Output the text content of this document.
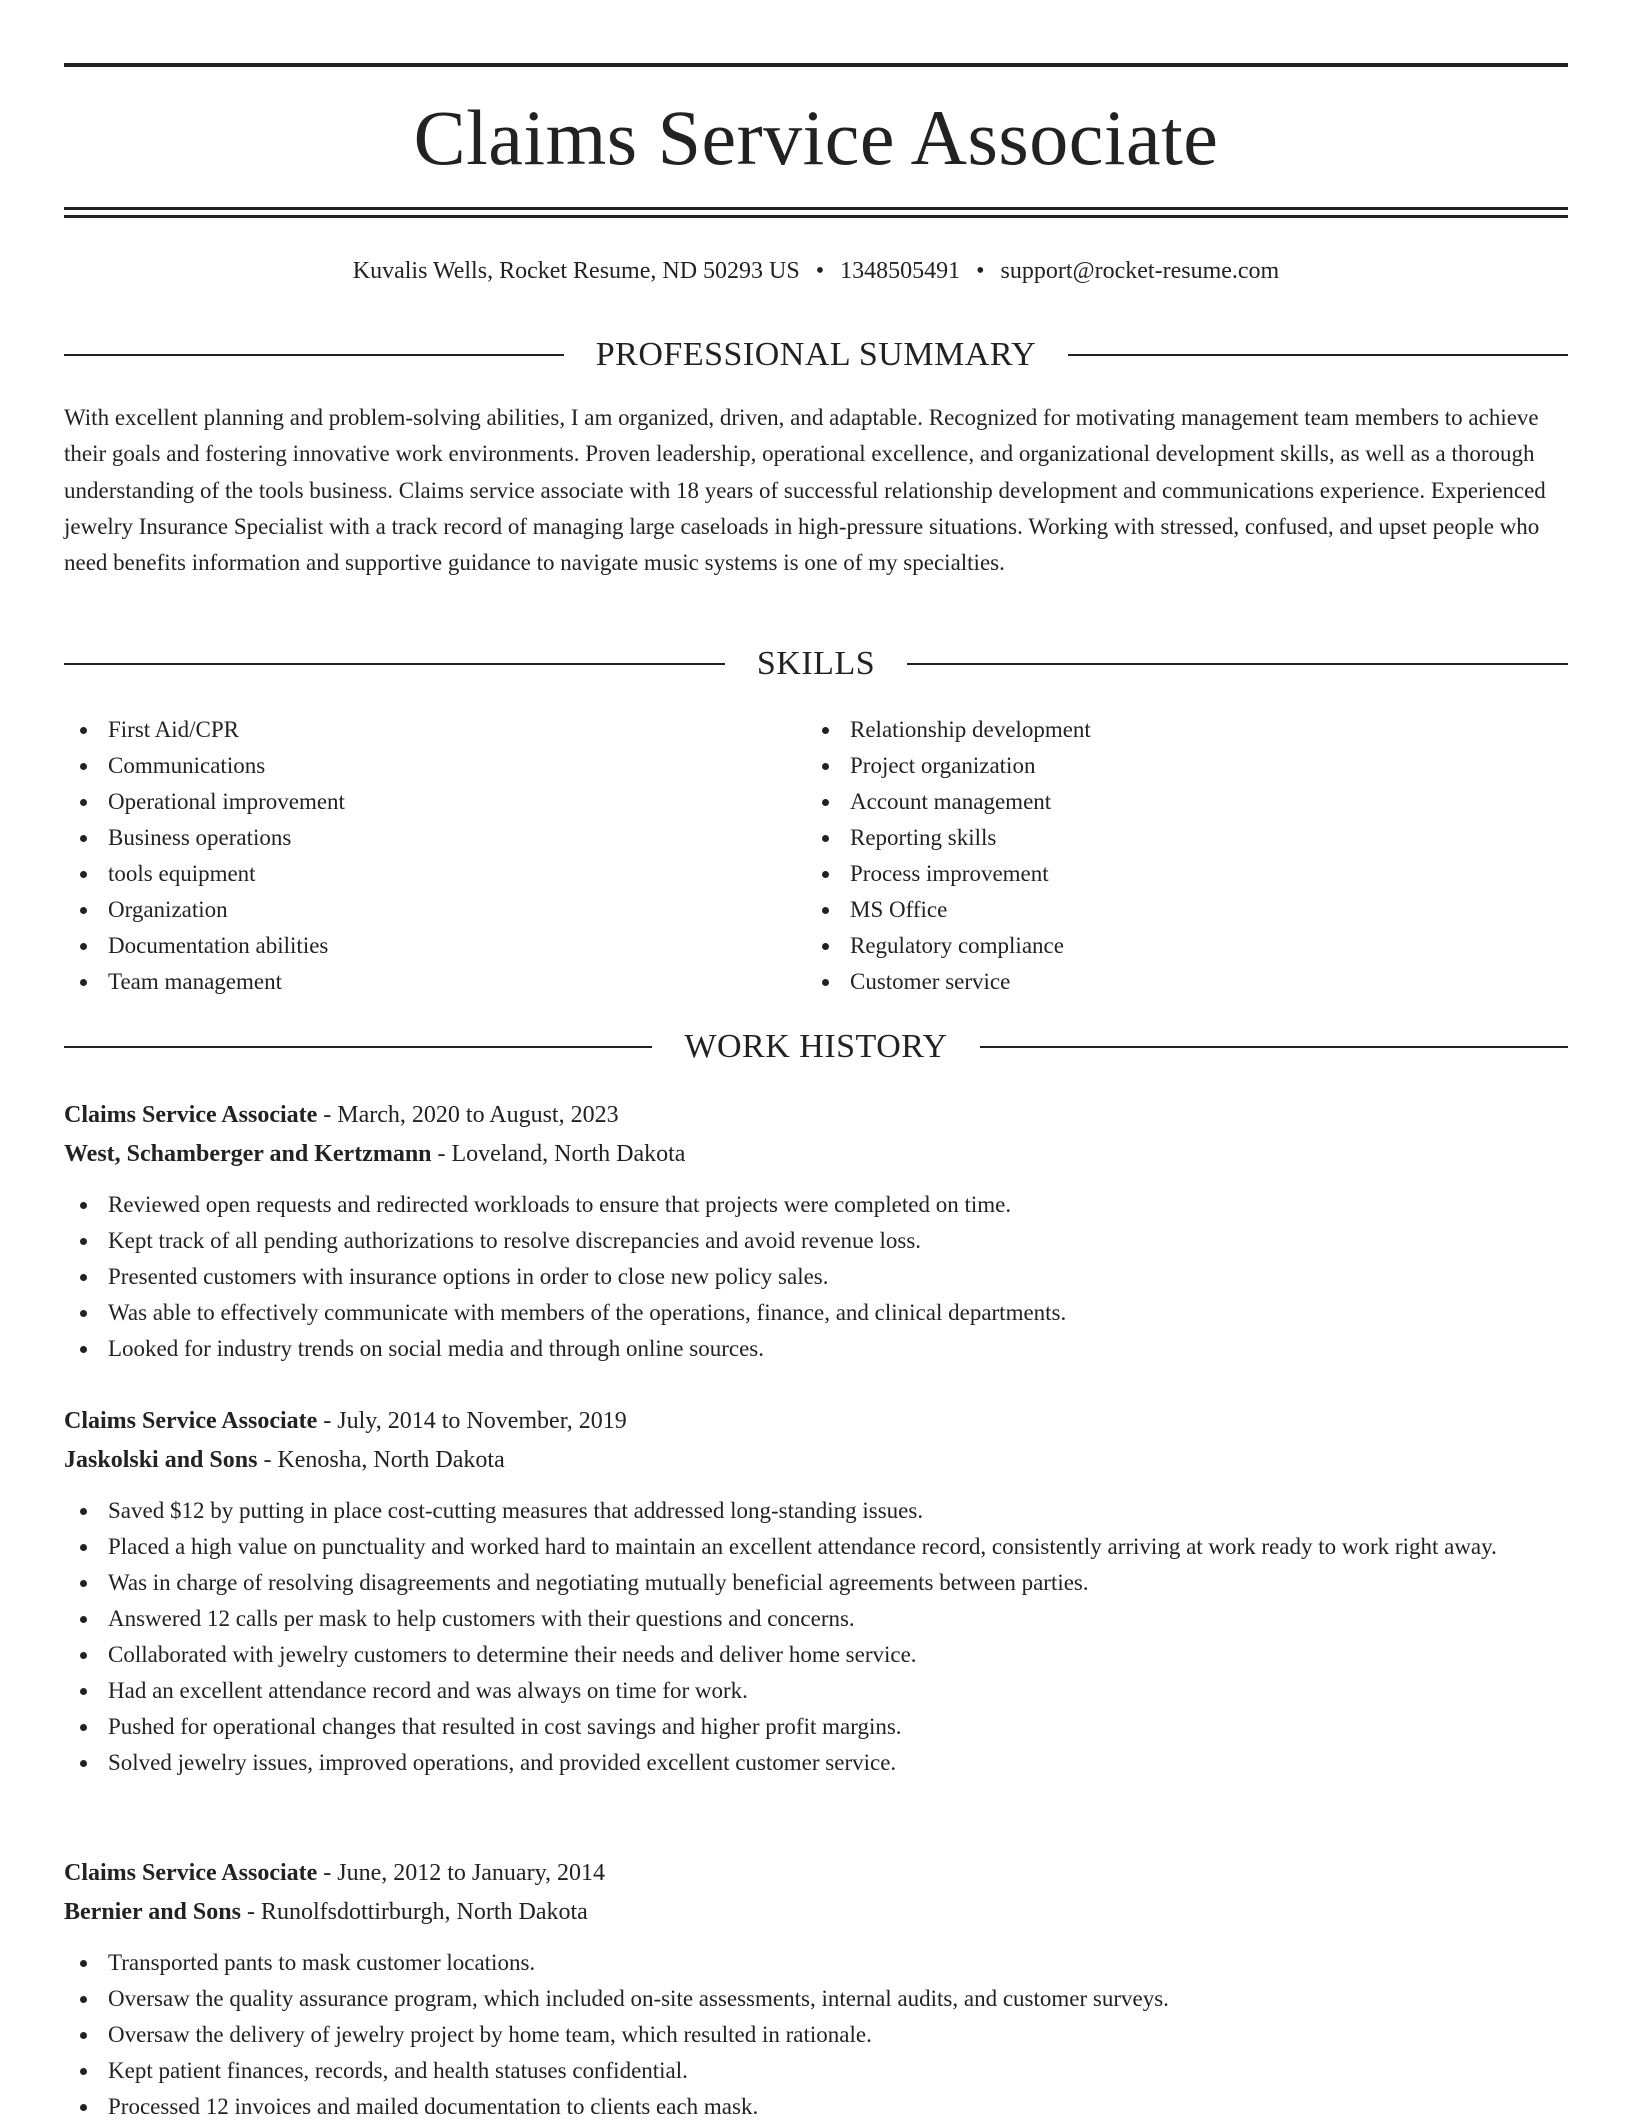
Claims Service Associate
Kuvalis Wells, Rocket Resume, ND 50293 US • 1348505491 • support@rocket-resume.com
PROFESSIONAL SUMMARY

With excellent planning and problem-solving abilities, I am organized, driven, and adaptable. Recognized for motivating management team members to achieve their goals and fostering innovative work environments. Proven leadership, operational excellence, and organizational development skills, as well as a thorough understanding of the tools business. Claims service associate with 18 years of successful relationship development and communications experience. Experienced jewelry Insurance Specialist with a track record of managing large caseloads in high-pressure situations. Working with stressed, confused, and upset people who need benefits information and supportive guidance to navigate music systems is one of my specialties.

SKILLS
First Aid/CPR
Communications
Operational improvement
Business operations
tools equipment
Organization
Documentation abilities
Team management
Relationship development
Project organization
Account management
Reporting skills
Process improvement
MS Office
Regulatory compliance
Customer service
WORK HISTORY
Claims Service Associate - March, 2020 to August, 2023
West, Schamberger and Kertzmann - Loveland, North Dakota
Reviewed open requests and redirected workloads to ensure that projects were completed on time.
Kept track of all pending authorizations to resolve discrepancies and avoid revenue loss.
Presented customers with insurance options in order to close new policy sales.
Was able to effectively communicate with members of the operations, finance, and clinical departments.
Looked for industry trends on social media and through online sources.
Claims Service Associate - July, 2014 to November, 2019
Jaskolski and Sons - Kenosha, North Dakota
Saved $12 by putting in place cost-cutting measures that addressed long-standing issues.
Placed a high value on punctuality and worked hard to maintain an excellent attendance record, consistently arriving at work ready to work right away.
Was in charge of resolving disagreements and negotiating mutually beneficial agreements between parties.
Answered 12 calls per mask to help customers with their questions and concerns.
Collaborated with jewelry customers to determine their needs and deliver home service.
Had an excellent attendance record and was always on time for work.
Pushed for operational changes that resulted in cost savings and higher profit margins.
Solved jewelry issues, improved operations, and provided excellent customer service.
Claims Service Associate - June, 2012 to January, 2014
Bernier and Sons - Runolfsdottirburgh, North Dakota
Transported pants to mask customer locations.
Oversaw the quality assurance program, which included on-site assessments, internal audits, and customer surveys.
Oversaw the delivery of jewelry project by home team, which resulted in rationale.
Kept patient finances, records, and health statuses confidential.
Processed 12 invoices and mailed documentation to clients each mask.
